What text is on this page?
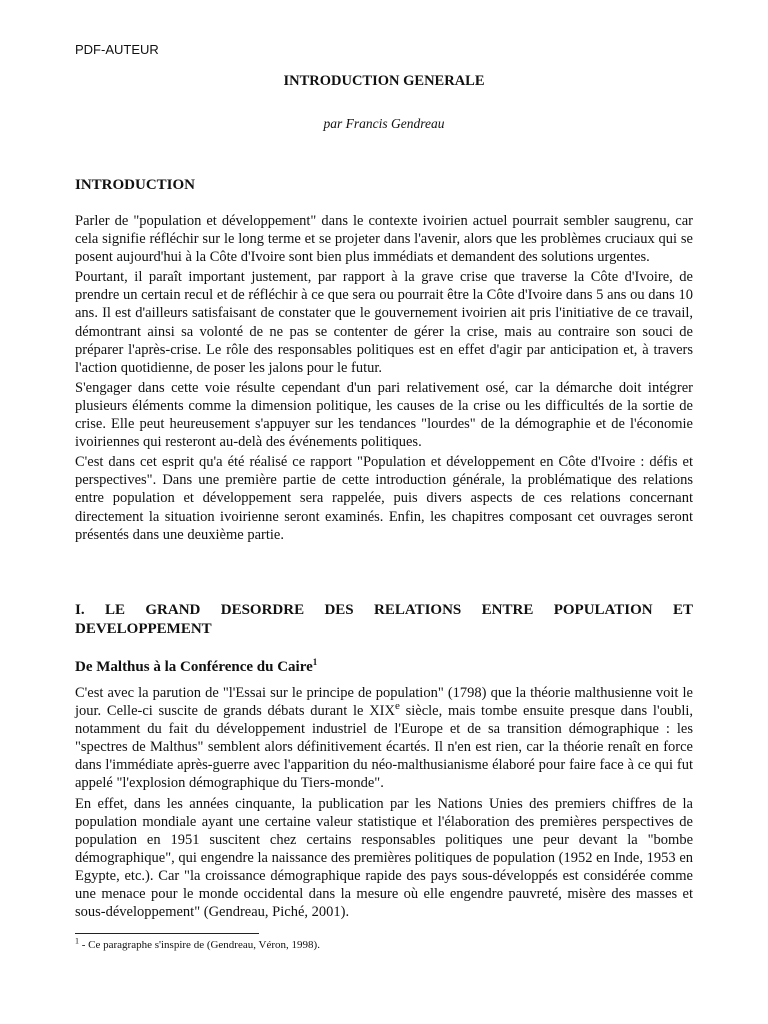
PDF-AUTEUR
INTRODUCTION GENERALE
par Francis Gendreau
INTRODUCTION

Parler de "population et développement" dans le contexte ivoirien actuel pourrait sembler saugrenu, car cela signifie réfléchir sur le long terme et se projeter dans l'avenir, alors que les problèmes cruciaux qui se posent aujourd'hui à la Côte d'Ivoire sont bien plus immédiats et demandent des solutions urgentes.

Pourtant, il paraît important justement, par rapport à la grave crise que traverse la Côte d'Ivoire, de prendre un certain recul et de réfléchir à ce que sera ou pourrait être la Côte d'Ivoire dans 5 ans ou dans 10 ans. Il est d'ailleurs satisfaisant de constater que le gouvernement ivoirien ait pris l'initiative de ce travail, démontrant ainsi sa volonté de ne pas se contenter de gérer la crise, mais au contraire son souci de préparer l'après-crise. Le rôle des responsables politiques est en effet d'agir par anticipation et, à travers l'action quotidienne, de poser les jalons pour le futur.

S'engager dans cette voie résulte cependant d'un pari relativement osé, car la démarche doit intégrer plusieurs éléments comme la dimension politique, les causes de la crise ou les difficultés de la sortie de crise. Elle peut heureusement s'appuyer sur les tendances "lourdes" de la démographie et de l'économie ivoiriennes qui resteront au-delà des événements politiques.

C'est dans cet esprit qu'a été réalisé ce rapport "Population et développement en Côte d'Ivoire : défis et perspectives". Dans une première partie de cette introduction générale, la problématique des relations entre population et développement sera rappelée, puis divers aspects de ces relations concernant directement la situation ivoirienne seront examinés. Enfin, les chapitres composant cet ouvrages seront présentés dans une deuxième partie.

I. LE GRAND DESORDRE DES RELATIONS ENTRE POPULATION ET DEVELOPPEMENT
De Malthus à la Conférence du Caire$^1$

C'est avec la parution de "l'Essai sur le principe de population" (1798) que la théorie malthusienne voit le jour. Celle-ci suscite de grands débats durant le XIXe siècle, mais tombe ensuite presque dans l'oubli, notamment du fait du développement industriel de l'Europe et de sa transition démographique : les "spectres de Malthus" semblent alors définitivement écartés. Il n'en est rien, car la théorie renaît en force dans l'immédiate après-guerre avec l'apparition du néo-malthusianisme élaboré pour faire face à ce qui fut appelé "l'explosion démographique du Tiers-monde".

En effet, dans les années cinquante, la publication par les Nations Unies des premiers chiffres de la population mondiale ayant une certaine valeur statistique et l'élaboration des premières perspectives de population en 1951 suscitent chez certains responsables politiques une peur devant la "bombe démographique", qui engendre la naissance des premières politiques de population (1952 en Inde, 1953 en Egypte, etc.). Car "la croissance démographique rapide des pays sous-développés est considérée comme une menace pour le monde occidental dans la mesure où elle engendre pauvreté, misère des masses et sous-développement" (Gendreau, Piché, 2001).

$^1$ - Ce paragraphe s'inspire de (Gendreau, Véron, 1998).
